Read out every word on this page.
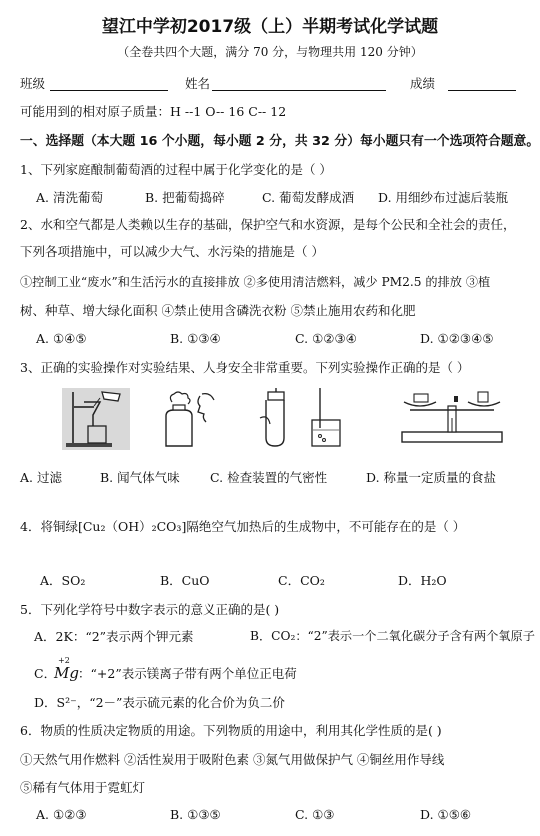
望江中学初2017级（上）半期考试化学试题
（全卷共四个大题，满分 70 分，与物理共用 120 分钟）
班级	姓名	成绩
可能用到的相对原子质量：H --1 O-- 16 C-- 12
一、选择题（本大题 16 个小题，每小题 2 分，共 32 分）每小题只有一个选项符合题意。
1、下列家庭酿制葡萄酒的过程中属于化学变化的是（ ）
A. 清洗葡萄	B. 把葡萄捣碎	C. 葡萄发酵成酒 D. 用细纱布过滤后装瓶
2、水和空气都是人类赖以生存的基础，保护空气和水资源，是每个公民和全社会的责任，
下列各项措施中，可以减少大气、水污染的措施是（ ）
①控制工业“废水”和生活污水的直接排放 ②多使用清洁燃料，减少 PM2.5 的排放 ③植
树、种草、增大绿化面积 ④禁止使用含磷洗衣粉 ⑤禁止施用农药和化肥
A. ①④⑤	B. ①③④	C. ①②③④	D. ①②③④⑤
3、正确的实验操作对实验结果、人身安全非常重要。下列实验操作正确的是（ ）
A. 过滤	B. 闻气体气味 C. 检查装置的气密性	D. 称量一定质量的食盐
4．将铜绿[Cu₂（OH）₂CO₃]隔绝空气加热后的生成物中，不可能存在的是（ ）
A．SO₂	B．CuO	C．CO₂	D．H₂O
5．下列化学符号中数字表示的意义正确的是( )
A．2K：“2”表示两个钾元素	B．CO₂：“2”表示一个二氧化碳分子含有两个氧原子
C．
+2
Mg ：“+2”表示镁离子带有两个单位正电荷
D．S²⁻，“2－”表示硫元素的化合价为负二价
6．物质的性质决定物质的用途。下列物质的用途中，利用其化学性质的是( )
①天然气用作燃料 ②活性炭用于吸附色素 ③氮气用做保护气 ④铜丝用作导线
⑤稀有气体用于霓虹灯
A. ①②③	B. ①③⑤	C. ①③	D. ①⑤⑥
